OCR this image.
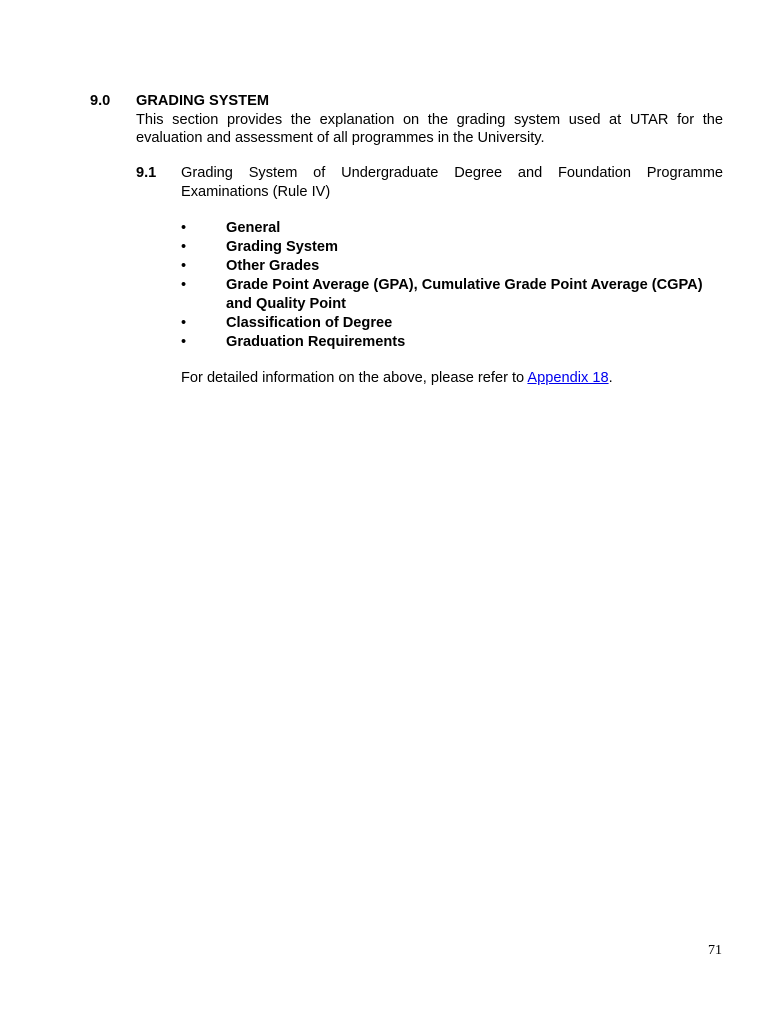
9.0 GRADING SYSTEM
This section provides the explanation on the grading system used at UTAR for the evaluation and assessment of all programmes in the University.
9.1 Grading System of Undergraduate Degree and Foundation Programme Examinations (Rule IV)
•	General
•	Grading System
•	Other Grades
•	Grade Point Average (GPA), Cumulative Grade Point Average (CGPA) and Quality Point
•	Classification of Degree
•	Graduation Requirements
For detailed information on the above, please refer to Appendix 18.
71
